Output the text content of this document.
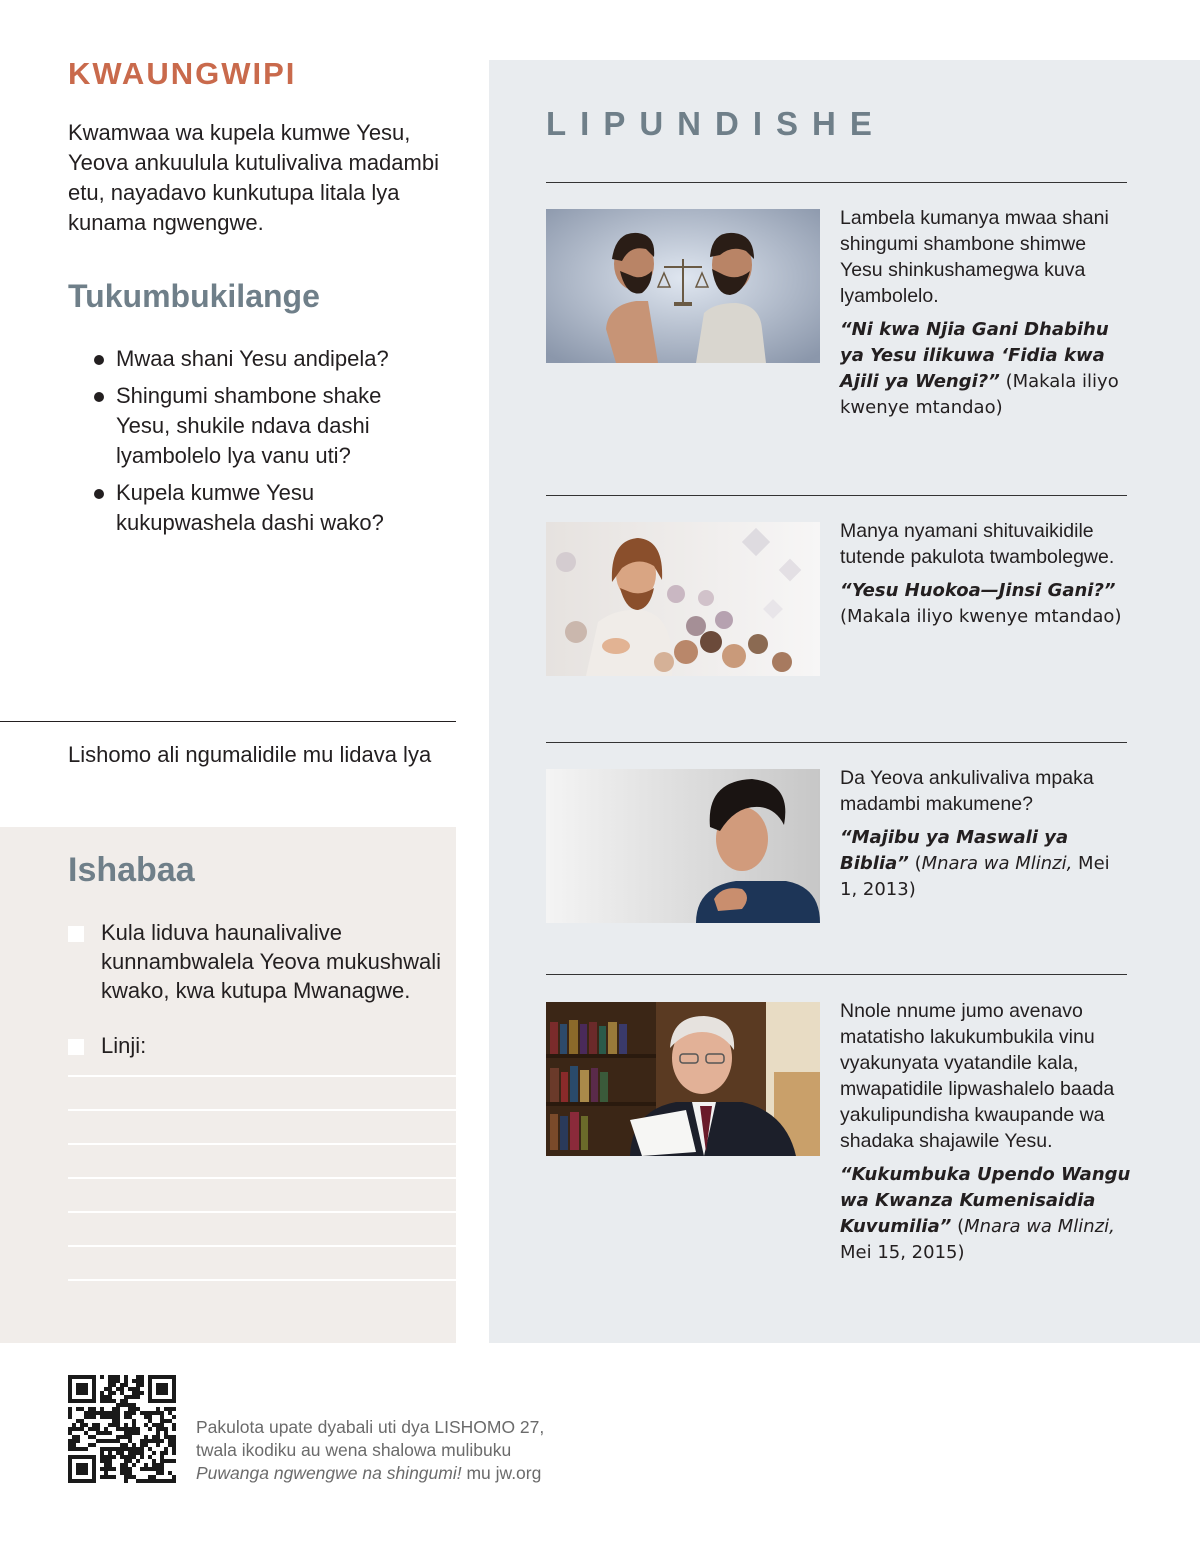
KWAUNGWIPI

Kwamwaa wa kupela kumwe Yesu, Yeova ankuulula kutulivaliva madambi etu, nayadavo kunkutupa litala lya kunama ngwengwe.

Tukumbukilange
Mwaa shani Yesu andipela?
Shingumi shambone shake Yesu, shukile ndava dashi lyambolelo lya vanu uti?
Kupela kumwe Yesu kukupwashela dashi wako?

Lishomo ali ngumalidile mu lidava lya

Ishabaa
Kula liduva haunalivalive kunnambwalela Yeova mukushwali kwako, kwa kutupa Mwanagwe.
Linji:
LIPUNDISHE

Lambela kumanya mwaa shani shingumi shambone shimwe Yesu shinkushamegwa kuva lyambolelo.

“Ni kwa Njia Gani Dhabihu ya Yesu ilikuwa ‘Fidia kwa Ajili ya Wengi?” (Makala iliyo kwenye mtandao)

Manya nyamani shituvaikidile tutende pakulota twambolegwe.

“Yesu Huokoa—Jinsi Gani?” (Makala iliyo kwenye mtandao)

Da Yeova ankulivaliva mpaka madambi makumene?

“Majibu ya Maswali ya Biblia” (Mnara wa Mlinzi, Mei 1, 2013)

Nnole nnume jumo avenavo matatisho lakukumbukila vinu vyakunyata vyatandile kala, mwapatidile lipwashalelo baada yakulipundisha kwaupande wa shadaka shajawile Yesu.

“Kukumbuka Upendo Wangu wa Kwanza Kumenisaidia Kuvumilia” (Mnara wa Mlinzi, Mei 15, 2015)

Pakulota upate dyabali uti dya LISHOMO 27,
twala ikodiku au wena shalowa mulibuku
Puwanga ngwengwe na shingumi! mu jw.org
